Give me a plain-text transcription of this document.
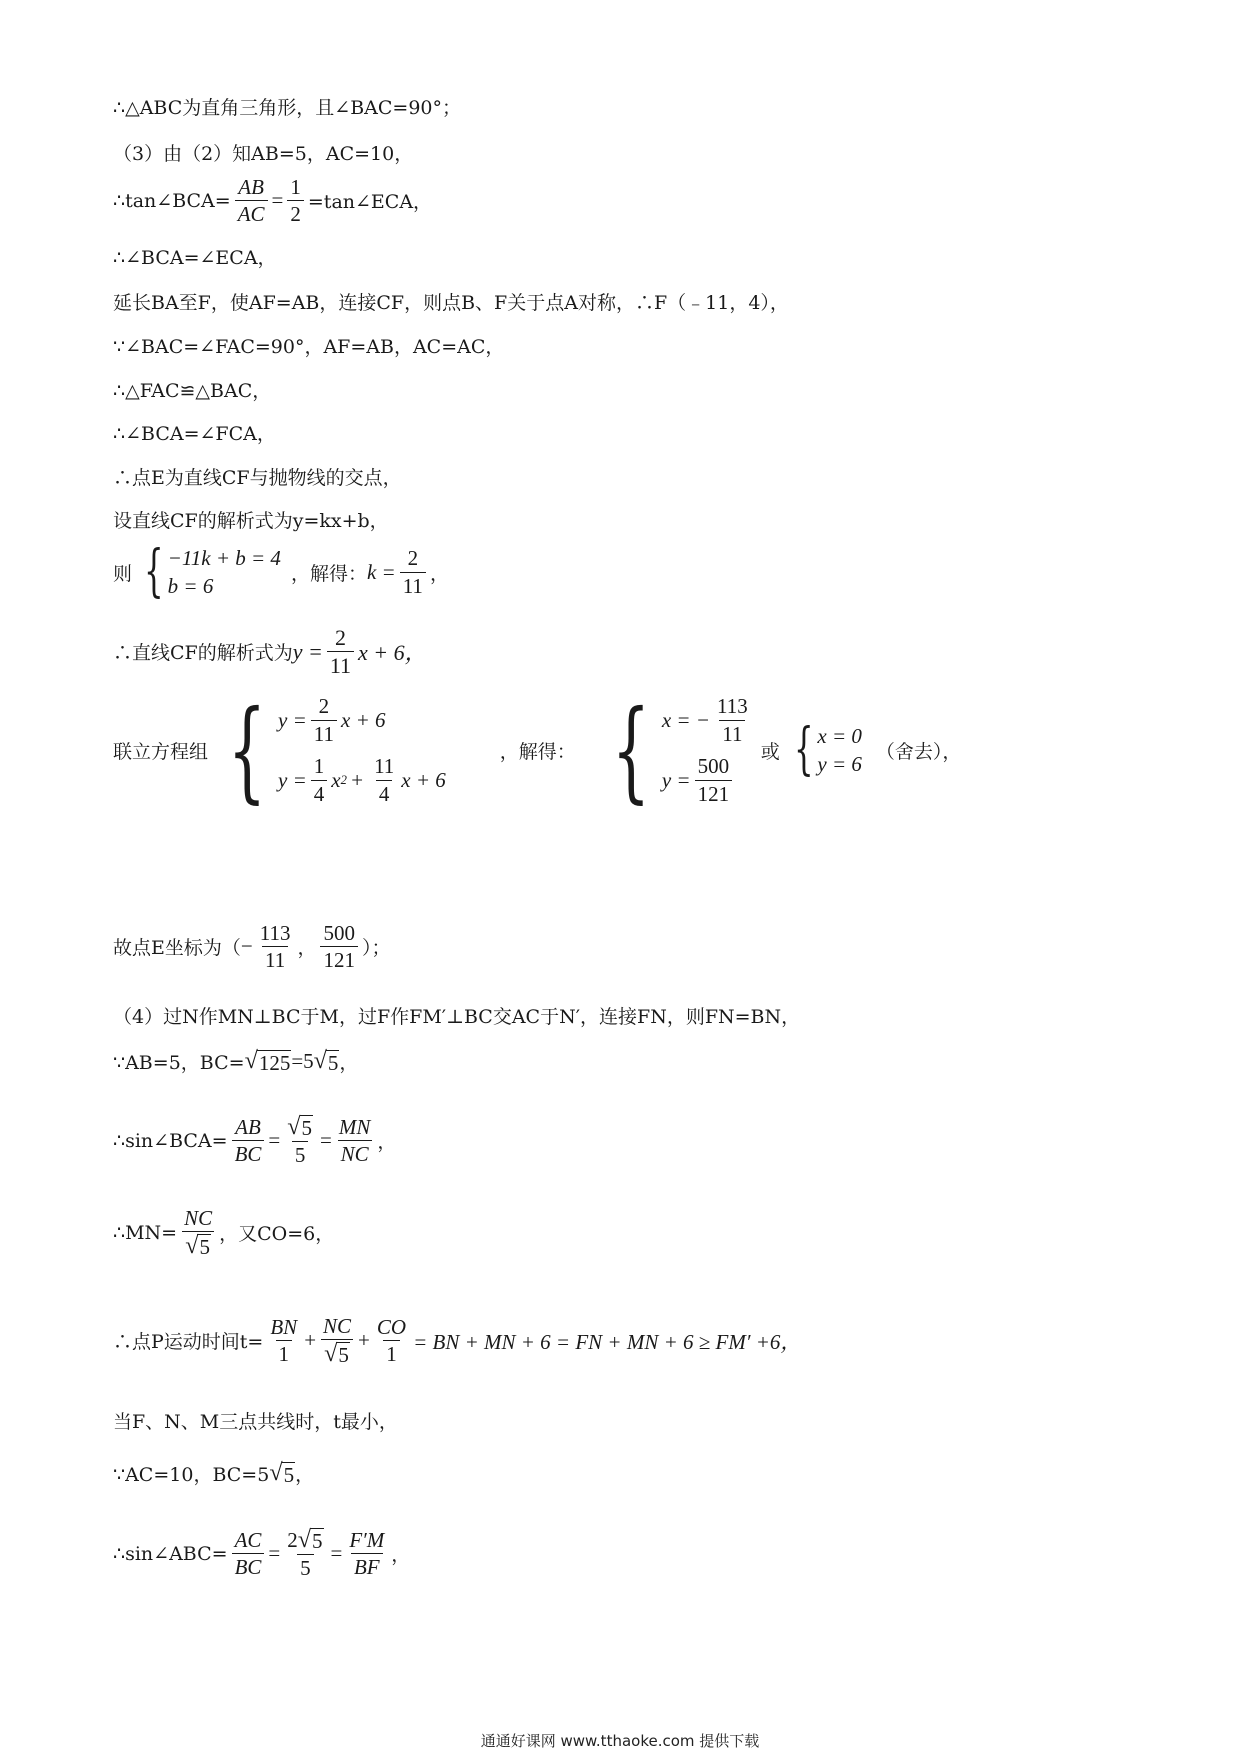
∴△ABC为直角三角形，且∠BAC=90°；
（3）由（2）知AB=5，AC=10，
∴tan∠BCA= $\frac{AB}{AC} = \frac{1}{2}$ =tan∠ECA，
∴∠BCA=∠ECA，
延长BA至F，使AF=AB，连接CF，则点B、F关于点A对称，∴F（﹣11，4），
∵∠BAC=∠FAC=90°，AF=AB，AC=AC，
∴△FAC≌△BAC，
∴∠BCA=∠FCA，
∴点E为直线CF与抛物线的交点，
设直线CF的解析式为y=kx+b，
则 { −11k + b = 4
b = 6	，解得： $k = \frac{2}{11}$ ，
∴直线CF的解析式为 $y = \frac{2}{11}$ x + 6，
联立方程组 { $y = \frac{2}{11}$ x + 6
$y = \frac{1}{4}$ x $2 + \frac{11}{4}$ x + 6
，解得： { x = − $\frac{113}{11}$
$y = \frac{500}{121}$
或 { x = 0
y = 6 （舍去），
故点E坐标为（ − $\frac{113}{11}$ ， $\frac{500}{121}$ ）；
（4）过N作MN⊥BC于M，过F作FM′⊥BC交AC于N′，连接FN，则FN=BN，
∵AB=5，BC= √ 125 =5 √ 5 ，
∴sin∠BCA= $\frac{AB}{BC} = \frac{√ 5}{5} = \frac{MN}{NC}$ ，
∴MN= $\frac{NC}{√ 5}$ ，又CO=6，
∴点P运动时间$t= \frac{BN}{1} + \frac{NC}{√ 5} + \frac{CO}{1}$ = BN + MN + 6 = FN + MN + 6 ≥ FM′ +6，
当F、N、M三点共线时，t最小，
∵AC=10，BC=5 √ 5 ，
∴sin∠ABC= $\frac{AC}{BC} = \frac{2 √ 5}{5} = \frac{F'M}{BF}$ ，
通通好课网 www.tthaoke.com 提供下载
